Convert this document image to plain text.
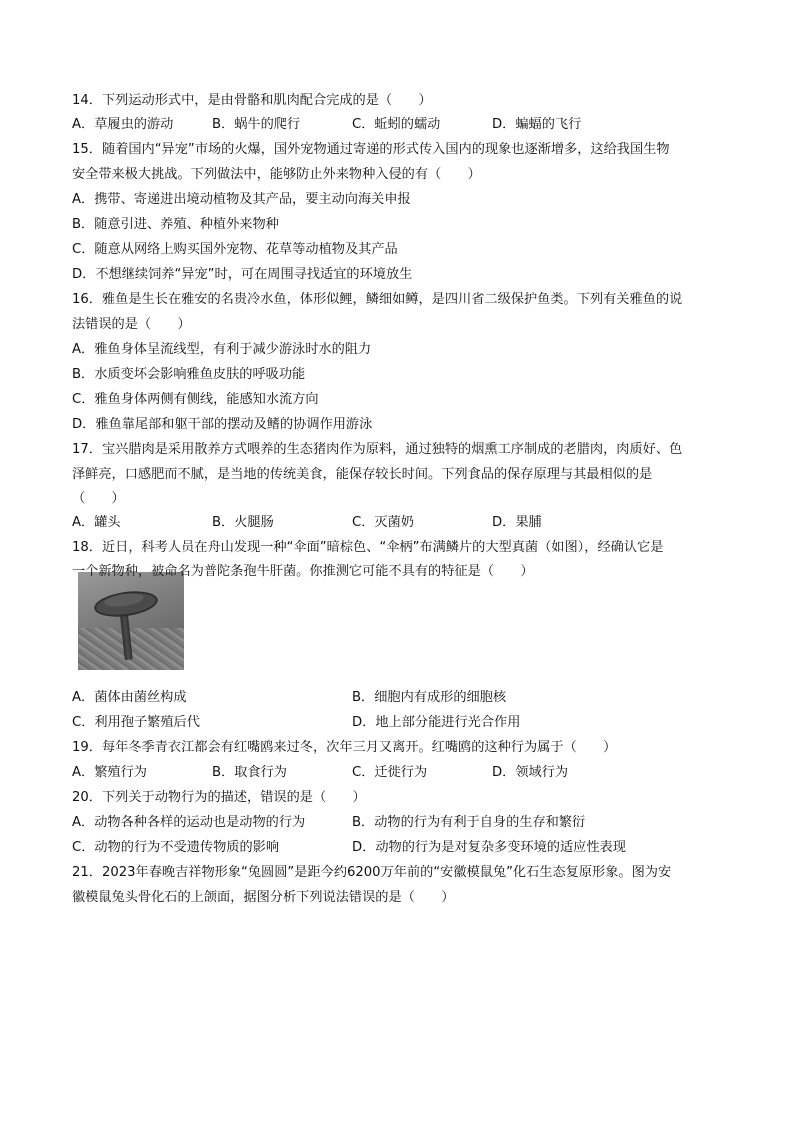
14．下列运动形式中，是由骨骼和肌肉配合完成的是（　　）
A．草履虫的游动	B．蜗牛的爬行	C．蚯蚓的蠕动	D．蝙蝠的飞行
15．随着国内“异宠”市场的火爆，国外宠物通过寄递的形式传入国内的现象也逐渐增多，这给我国生物
安全带来极大挑战。下列做法中，能够防止外来物种入侵的有（　　）
A．携带、寄递进出境动植物及其产品，要主动向海关申报
B．随意引进、养殖、种植外来物种
C．随意从网络上购买国外宠物、花草等动植物及其产品
D．不想继续饲养“异宠”时，可在周围寻找适宜的环境放生
16．雅鱼是生长在雅安的名贵冷水鱼，体形似鲤，鳞细如鳟，是四川省二级保护鱼类。下列有关雅鱼的说
法错误的是（　　）
A．雅鱼身体呈流线型，有利于减少游泳时水的阻力
B．水质变坏会影响雅鱼皮肤的呼吸功能
C．雅鱼身体两侧有侧线，能感知水流方向
D．雅鱼靠尾部和躯干部的摆动及鳍的协调作用游泳
17．宝兴腊肉是采用散养方式喂养的生态猪肉作为原料，通过独特的烟熏工序制成的老腊肉，肉质好、色
泽鲜亮，口感肥而不腻，是当地的传统美食，能保存较长时间。下列食品的保存原理与其最相似的是
（　　）
A．罐头	B．火腿肠	C．灭菌奶	D．果脯
18．近日，科考人员在舟山发现一种“伞面”暗棕色、“伞柄”布满鳞片的大型真菌（如图），经确认它是
A．菌体由菌丝构成	B．细胞内有成形的细胞核
C．利用孢子繁殖后代	D．地上部分能进行光合作用
19．每年冬季青衣江都会有红嘴鸥来过冬，次年三月又离开。红嘴鸥的这种行为属于（　　）
A．繁殖行为	B．取食行为	C．迁徙行为	D．领域行为
20．下列关于动物行为的描述，错误的是（　　）
A．动物各种各样的运动也是动物的行为	B．动物的行为有利于自身的生存和繁衍
C．动物的行为不受遗传物质的影响	D．动物的行为是对复杂多变环境的适应性表现
21．2023年春晚吉祥物形象“兔圆圆”是距今约6200万年前的“安徽模鼠兔”化石生态复原形象。图为安
徽模鼠兔头骨化石的上颌面，据图分析下列说法错误的是（　　）
一个新物种，被命名为普陀条孢牛肝菌。你推测它可能不具有的特征是（　　）
